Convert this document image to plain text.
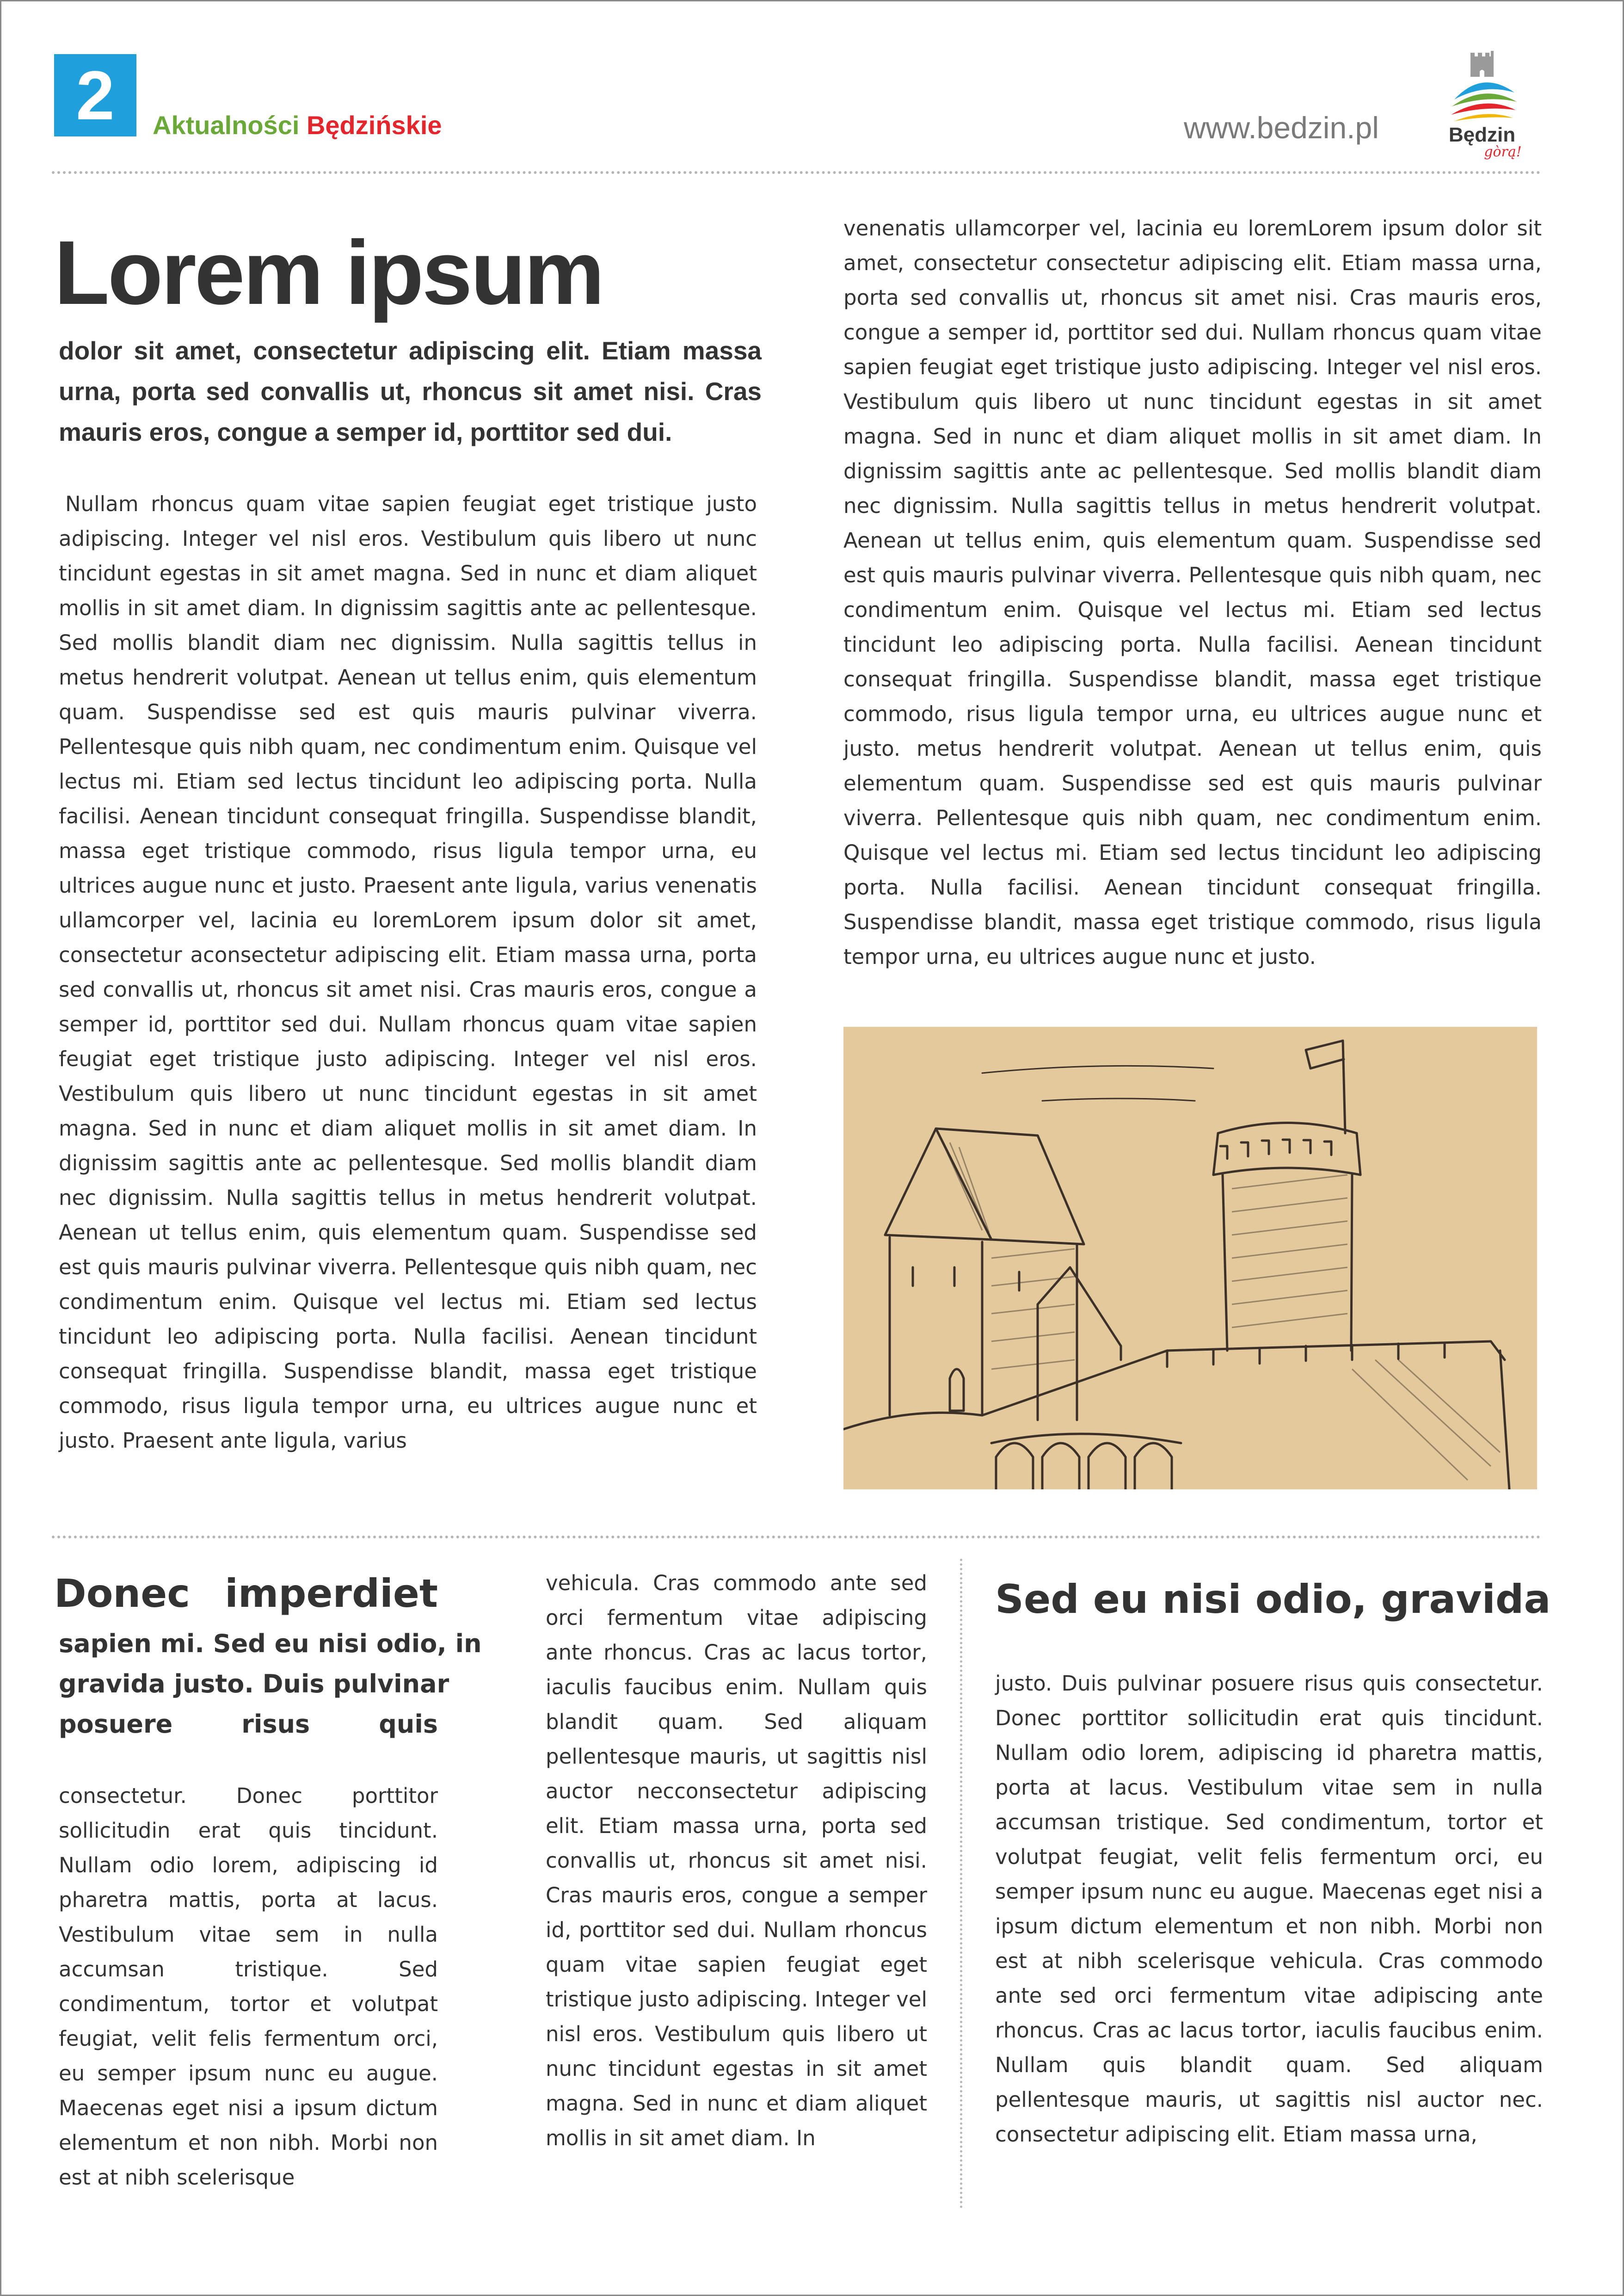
2	Aktualności Będzińskie	www.bedzin.pl	Będzin
gòrą!
Lorem ipsum
dolor sit amet, consectetur adipiscing elit. Etiam massa urna, porta sed convallis ut, rhoncus sit amet nisi. Cras mauris eros, congue a semper id, porttitor sed dui.
Nullam rhoncus quam vitae sapien feugiat eget tristique justo adipiscing. Integer vel nisl eros. Vestibulum quis libero ut nunc tincidunt egestas in sit amet magna. Sed in nunc et diam aliquet mollis in sit amet diam. In dignissim sagittis ante ac pellentesque. Sed mollis blandit diam nec dignissim. Nulla sagittis tellus in metus hendrerit volutpat. Aenean ut tellus enim, quis elementum quam. Suspendisse sed est quis mauris pulvinar viverra. Pellentesque quis nibh quam, nec condimentum enim. Quisque vel lectus mi. Etiam sed lectus tincidunt leo adipiscing porta. Nulla facilisi. Aenean tincidunt consequat fringilla. Suspendisse blandit, massa eget tristique commodo, risus ligula tempor urna, eu ultrices augue nunc et justo. Praesent ante ligula, varius venenatis ullamcorper vel, lacinia eu loremLorem ipsum dolor sit amet, consectetur aconsectetur adipiscing elit. Etiam massa urna, porta sed convallis ut, rhoncus sit amet nisi. Cras mauris eros, congue a semper id, porttitor sed dui. Nullam rhoncus quam vitae sapien feugiat eget tristique justo adipiscing. Integer vel nisl eros. Vestibulum quis libero ut nunc tincidunt egestas in sit amet magna. Sed in nunc et diam aliquet mollis in sit amet diam. In dignissim sagittis ante ac pellentesque. Sed mollis blandit diam nec dignissim. Nulla sagittis tellus in metus hendrerit volutpat. Aenean ut tellus enim, quis elementum quam. Suspendisse sed est quis mauris pulvinar viverra. Pellentesque quis nibh quam, nec condimentum enim. Quisque vel lectus mi. Etiam sed lectus tincidunt leo adipiscing porta. Nulla facilisi. Aenean tincidunt consequat fringilla. Suspendisse blandit, massa eget tristique commodo, risus ligula tempor urna, eu ultrices augue nunc et justo. Praesent ante ligula, varius
venenatis ullamcorper vel, lacinia eu loremLorem ipsum dolor sit amet, consectetur consectetur adipiscing elit. Etiam massa urna, porta sed convallis ut, rhoncus sit amet nisi. Cras mauris eros, congue a semper id, porttitor sed dui. Nullam rhoncus quam vitae sapien feugiat eget tristique justo adipiscing. Integer vel nisl eros. Vestibulum quis libero ut nunc tincidunt egestas in sit amet magna. Sed in nunc et diam aliquet mollis in sit amet diam. In dignissim sagittis ante ac pellentesque. Sed mollis blandit diam nec dignissim. Nulla sagittis tellus in metus hendrerit volutpat. Aenean ut tellus enim, quis elementum quam. Suspendisse sed est quis mauris pulvinar viverra. Pellentesque quis nibh quam, nec condimentum enim. Quisque vel lectus mi. Etiam sed lectus tincidunt leo adipiscing porta. Nulla facilisi. Aenean tincidunt consequat fringilla. Suspendisse blandit, massa eget tristique commodo, risus ligula tempor urna, eu ultrices augue nunc et justo. metus hendrerit volutpat. Aenean ut tellus enim, quis elementum quam. Suspendisse sed est quis mauris pulvinar viverra. Pellentesque quis nibh quam, nec condimentum enim. Quisque vel lectus mi. Etiam sed lectus tincidunt leo adipiscing porta. Nulla facilisi. Aenean tincidunt consequat fringilla. Suspendisse blandit, massa eget tristique commodo, risus ligula tempor urna, eu ultrices augue nunc et justo.
Donec imperdiet
sapien mi. Sed eu nisi odio, in
gravida justo. Duis pulvinar
posuere risus quis
consectetur. Donec porttitor sollicitudin erat quis tincidunt. Nullam odio lorem, adipiscing id pharetra mattis, porta at lacus. Vestibulum vitae sem in nulla accumsan tristique. Sed condimentum, tortor et volutpat feugiat, velit felis fermentum orci, eu semper ipsum nunc eu augue. Maecenas eget nisi a ipsum dictum elementum et non nibh. Morbi non est at nibh scelerisque
vehicula. Cras commodo ante sed orci fermentum vitae adipiscing ante rhoncus. Cras ac lacus tortor, iaculis faucibus enim. Nullam quis blandit quam. Sed aliquam pellentesque mauris, ut sagittis nisl auctor necconsectetur adipiscing elit. Etiam massa urna, porta sed convallis ut, rhoncus sit amet nisi. Cras mauris eros, congue a semper id, porttitor sed dui. Nullam rhoncus quam vitae sapien feugiat eget tristique justo adipiscing. Integer vel nisl eros. Vestibulum quis libero ut nunc tincidunt egestas in sit amet magna. Sed in nunc et diam aliquet mollis in sit amet diam. In
Sed eu nisi odio, gravida
justo. Duis pulvinar posuere risus quis consectetur. Donec porttitor sollicitudin erat quis tincidunt. Nullam odio lorem, adipiscing id pharetra mattis, porta at lacus. Vestibulum vitae sem in nulla accumsan tristique. Sed condimentum, tortor et volutpat feugiat, velit felis fermentum orci, eu semper ipsum nunc eu augue. Maecenas eget nisi a ipsum dictum elementum et non nibh. Morbi non est at nibh scelerisque vehicula. Cras commodo ante sed orci fermentum vitae adipiscing ante rhoncus. Cras ac lacus tortor, iaculis faucibus enim. Nullam quis blandit quam. Sed aliquam pellentesque mauris, ut sagittis nisl auctor nec. consectetur adipiscing elit. Etiam massa urna,
